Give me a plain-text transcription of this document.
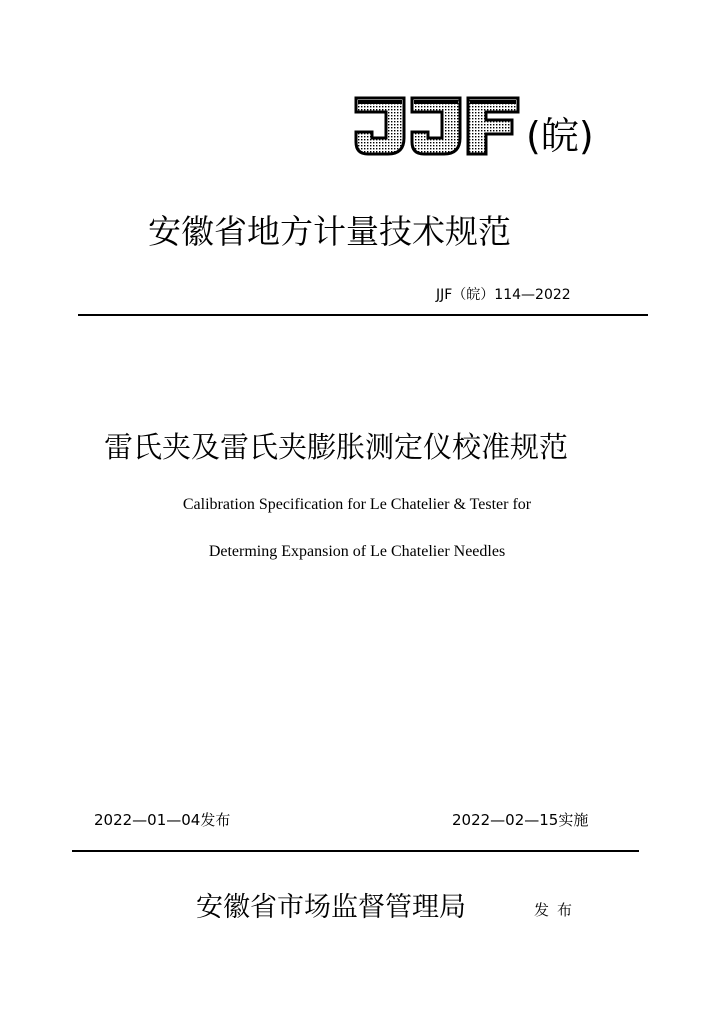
(皖)
安徽省地方计量技术规范
JJF（皖）114—2022
雷氏夹及雷氏夹膨胀测定仪校准规范
Calibration Specification for Le Chatelier & Tester for
Determing Expansion of Le Chatelier Needles
2022—01—04发布	2022—02—15实施
安徽省市场监督管理局	发布
